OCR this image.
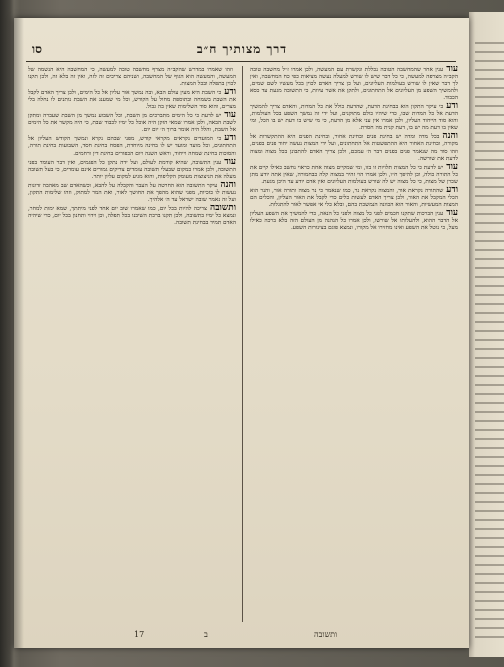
סו	דרך מצותיך ח״ב

עודענין אחר שהמחשבה הטובה נכללת ונקשרת עם המעשה, ולכן אמרו ז״ל מחשבה טובה הקב״ה מצרפה למעשה, כי כל דבר שיש לו שורש למעלה נעשה מציאות כפי כח המחשבה, ואין לך דבר שאין לו שורש בעולמות העליונים, ועל כן צריך האדם לכוין בכל מעשיו לשם שמים, ולהמשיך השפע מן העליונים אל התחתונים, ולתקן את אשר עיוות, כי התשובה מגעת עד כסא הכבוד.

ודעכי עיקר התקון הוא בבחינת הדעת, שהדעת כולל את כל המדות, והאדם צריך להמשיך הדעת אל כל המדות שבו, כדי שיהיו כולם מתוקנים, ועל ידי זה נמשך השפע בכל העולמות, והוא סוד הייחוד העליון, ולכן אמרו אין עני אלא מן הדעת, כי מי שיש בו דעת יש בו הכל, ומי שאין בו דעת מה יש בו, דעת קנית מה חסרת.

והנהבכל מדה ומדה יש בחינת פנים ובחינת אחור, ובחינת הפנים היא ההתקשרות אל מקורה, ובחינת האחור היא ההתפשטות אל התחתונים, ועל ידי המצות נעשה יחוד פנים בפנים, וזהו סוד מה שנאמר פנים בפנים דבר ה׳ עמכם, ולכן צריך האדם להתבונן בכל מצוה ומצוה לדעת את שורשה.

עודיש לדעת כי כל המצות תלויות זו בזו, ומי שמקיים מצוה אחת כראוי נחשב כאילו קיים את כל התורה כולה, וכן להיפך ח״ו, ולכן אמרו הוי זהיר במצוה קלה כבחמורה, שאין אתה יודע מתן שכרן של מצות, כי כל מצוה יש לה שורש בעולמות העליונים ואין אדם יודע עד היכן מגעת.

ודעשהתורה נקראת אור, והמצוה נקראת נר, כמו שנאמר כי נר מצוה ותורה אור, והנר הוא הכלי המקבל את האור, ולכן צריך האדם לעשות כלים כדי לקבל את האור העליון, והכלים הם המצות המעשיות, והאור הוא הכוונה הנמשכת בהם, ובלא כלי אי אפשר לאור להתגלות.

עודענין הברכות שתקנו חכמים לפני כל מצוה ולפני כל הנאה, כדי להמשיך את השפע העליון אל הדבר ההוא, ולהעלותו אל שורשו, ולכן אמרו כל הנהנה מן העולם הזה בלא ברכה כאילו מעל, כי נוטל את השפע ואינו מחזירו אל מקורו, ונמצא פוגם בצינורות השפע.

וזהו שאמרו במדרש שהקב״ה מצרף מחשבה טובה למעשה, כי המחשבה היא הנשמה של המעשה, והמעשה הוא הגוף של המחשבה, ושניהם צריכים זה לזה, ואין זה בלא זה, ולכן תקנו לכוין בתפלה ובכל המצות.

ודעכי השבת היא מעין עולם הבא, ובה נמשך אור עליון אל כל הימים, ולכן צריך האדם לקבל את השבת בשמחה ובתוספת מחול על הקודש, וכל מי שמענג את השבת נותנים לו נחלה בלי מצרים, והוא סוד השלימות שאין בה גבול.

עודיש לדעת כי כל הימים מתברכים מן השבת, וכל השבוע נמשך מן השבת שעברה ומתקן לשבת הבאה, ולכן אמרו שמאי הזקן היה אוכל כל ימיו לכבוד שבת, כי היה מקשר את כל הימים אל השבת, והלל היה אומר ברוך ה׳ יום יום.

ודעכי המועדים נקראים מקראי קודש, מפני שבהם נקרא ונמשך הקודש העליון אל התחתונים, וכל מועד ומועד יש לו בחינה מיוחדת, הפסח בחינת חסד, השבועות בחינת תורה, והסוכות בחינת שמחה וייחוד, וראש השנה ויום הכפורים בחינת דין ורחמים.

עודענין התשובה, שהיא קודמת לעולם, ועל ידה נתקן כל הפגמים, ואין דבר העומד בפני התשובה, ולכן אמרו במקום שבעלי תשובה עומדים צדיקים גמורים אינם עומדים, כי בעל תשובה מעלה את הניצוצות מעומק הקליפות, והוא מגיע למקום עליון יותר.

והנהעיקר התשובה הוא החרטה על העבר והקבלה על להבא, וכשהאדם שב מאהבה זדונות נעשות לו כזכיות, מפני שהוא מהפך את החושך לאור, ואת המר למתוק, וזהו שלימות התקון, ועל זה נאמר שובה ישראל עד ה׳ אלהיך.

ותשובהצריכה להיות בכל יום, כמו שאמרו שוב יום אחד לפני מיתתך, שמא ימות למחר, ונמצא כל ימיו בתשובה, ולכן תקנו ברכת השיבנו בכל תפלה, וכן וידוי ותחנון בכל יום, כדי שיהיה האדם תמיד בבחינת תשובה.

17	ב	ותשובה
